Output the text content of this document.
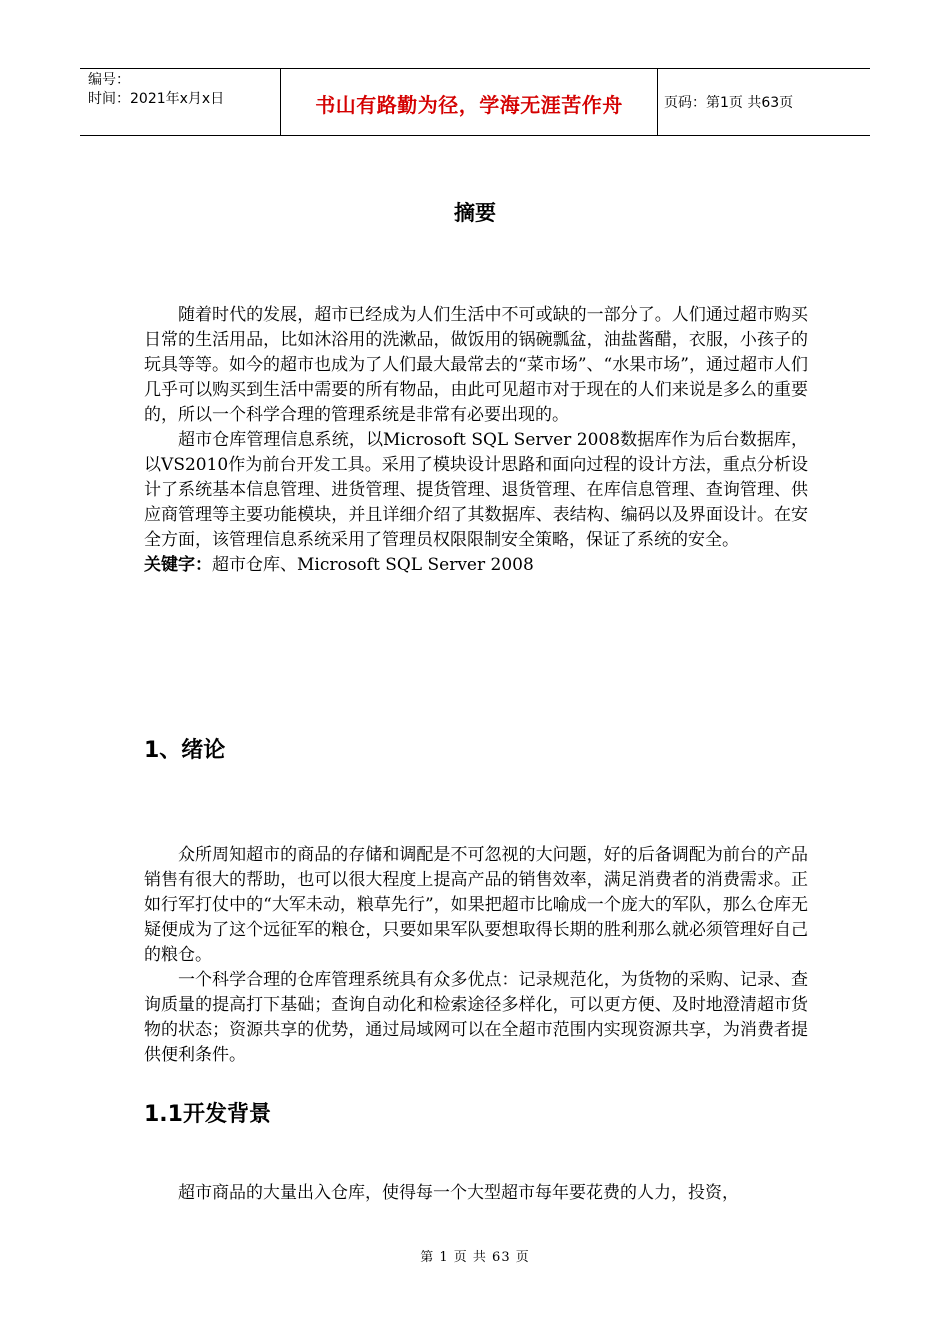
编号：
时间：2021年x月x日	书山有路勤为径，学海无涯苦作舟	页码：第1页 共63页
摘要

随着时代的发展，超市已经成为人们生活中不可或缺的一部分了。人们通过超市购买日常的生活用品，比如沐浴用的洗漱品，做饭用的锅碗瓢盆，油盐酱醋，衣服，小孩子的玩具等等。如今的超市也成为了人们最大最常去的“菜市场”、“水果市场”，通过超市人们几乎可以购买到生活中需要的所有物品，由此可见超市对于现在的人们来说是多么的重要的，所以一个科学合理的管理系统是非常有必要出现的。

超市仓库管理信息系统，以Microsoft SQL Server 2008数据库作为后台数据库，以VS2010作为前台开发工具。采用了模块设计思路和面向过程的设计方法，重点分析设计了系统基本信息管理、进货管理、提货管理、退货管理、在库信息管理、查询管理、供应商管理等主要功能模块，并且详细介绍了其数据库、表结构、编码以及界面设计。在安全方面，该管理信息系统采用了管理员权限限制安全策略，保证了系统的安全。

关键字：超市仓库、Microsoft SQL Server 2008

1、绪论

众所周知超市的商品的存储和调配是不可忽视的大问题，好的后备调配为前台的产品销售有很大的帮助，也可以很大程度上提高产品的销售效率，满足消费者的消费需求。正如行军打仗中的“大军未动，粮草先行”，如果把超市比喻成一个庞大的军队，那么仓库无疑便成为了这个远征军的粮仓，只要如果军队要想取得长期的胜利那么就必须管理好自己的粮仓。

一个科学合理的仓库管理系统具有众多优点：记录规范化，为货物的采购、记录、查询质量的提高打下基础；查询自动化和检索途径多样化，可以更方便、及时地澄清超市货物的状态；资源共享的优势，通过局域网可以在全超市范围内实现资源共享，为消费者提供便利条件。

1.1开发背景

超市商品的大量出入仓库，使得每一个大型超市每年要花费的人力，投资，

第 1 页 共 63 页
